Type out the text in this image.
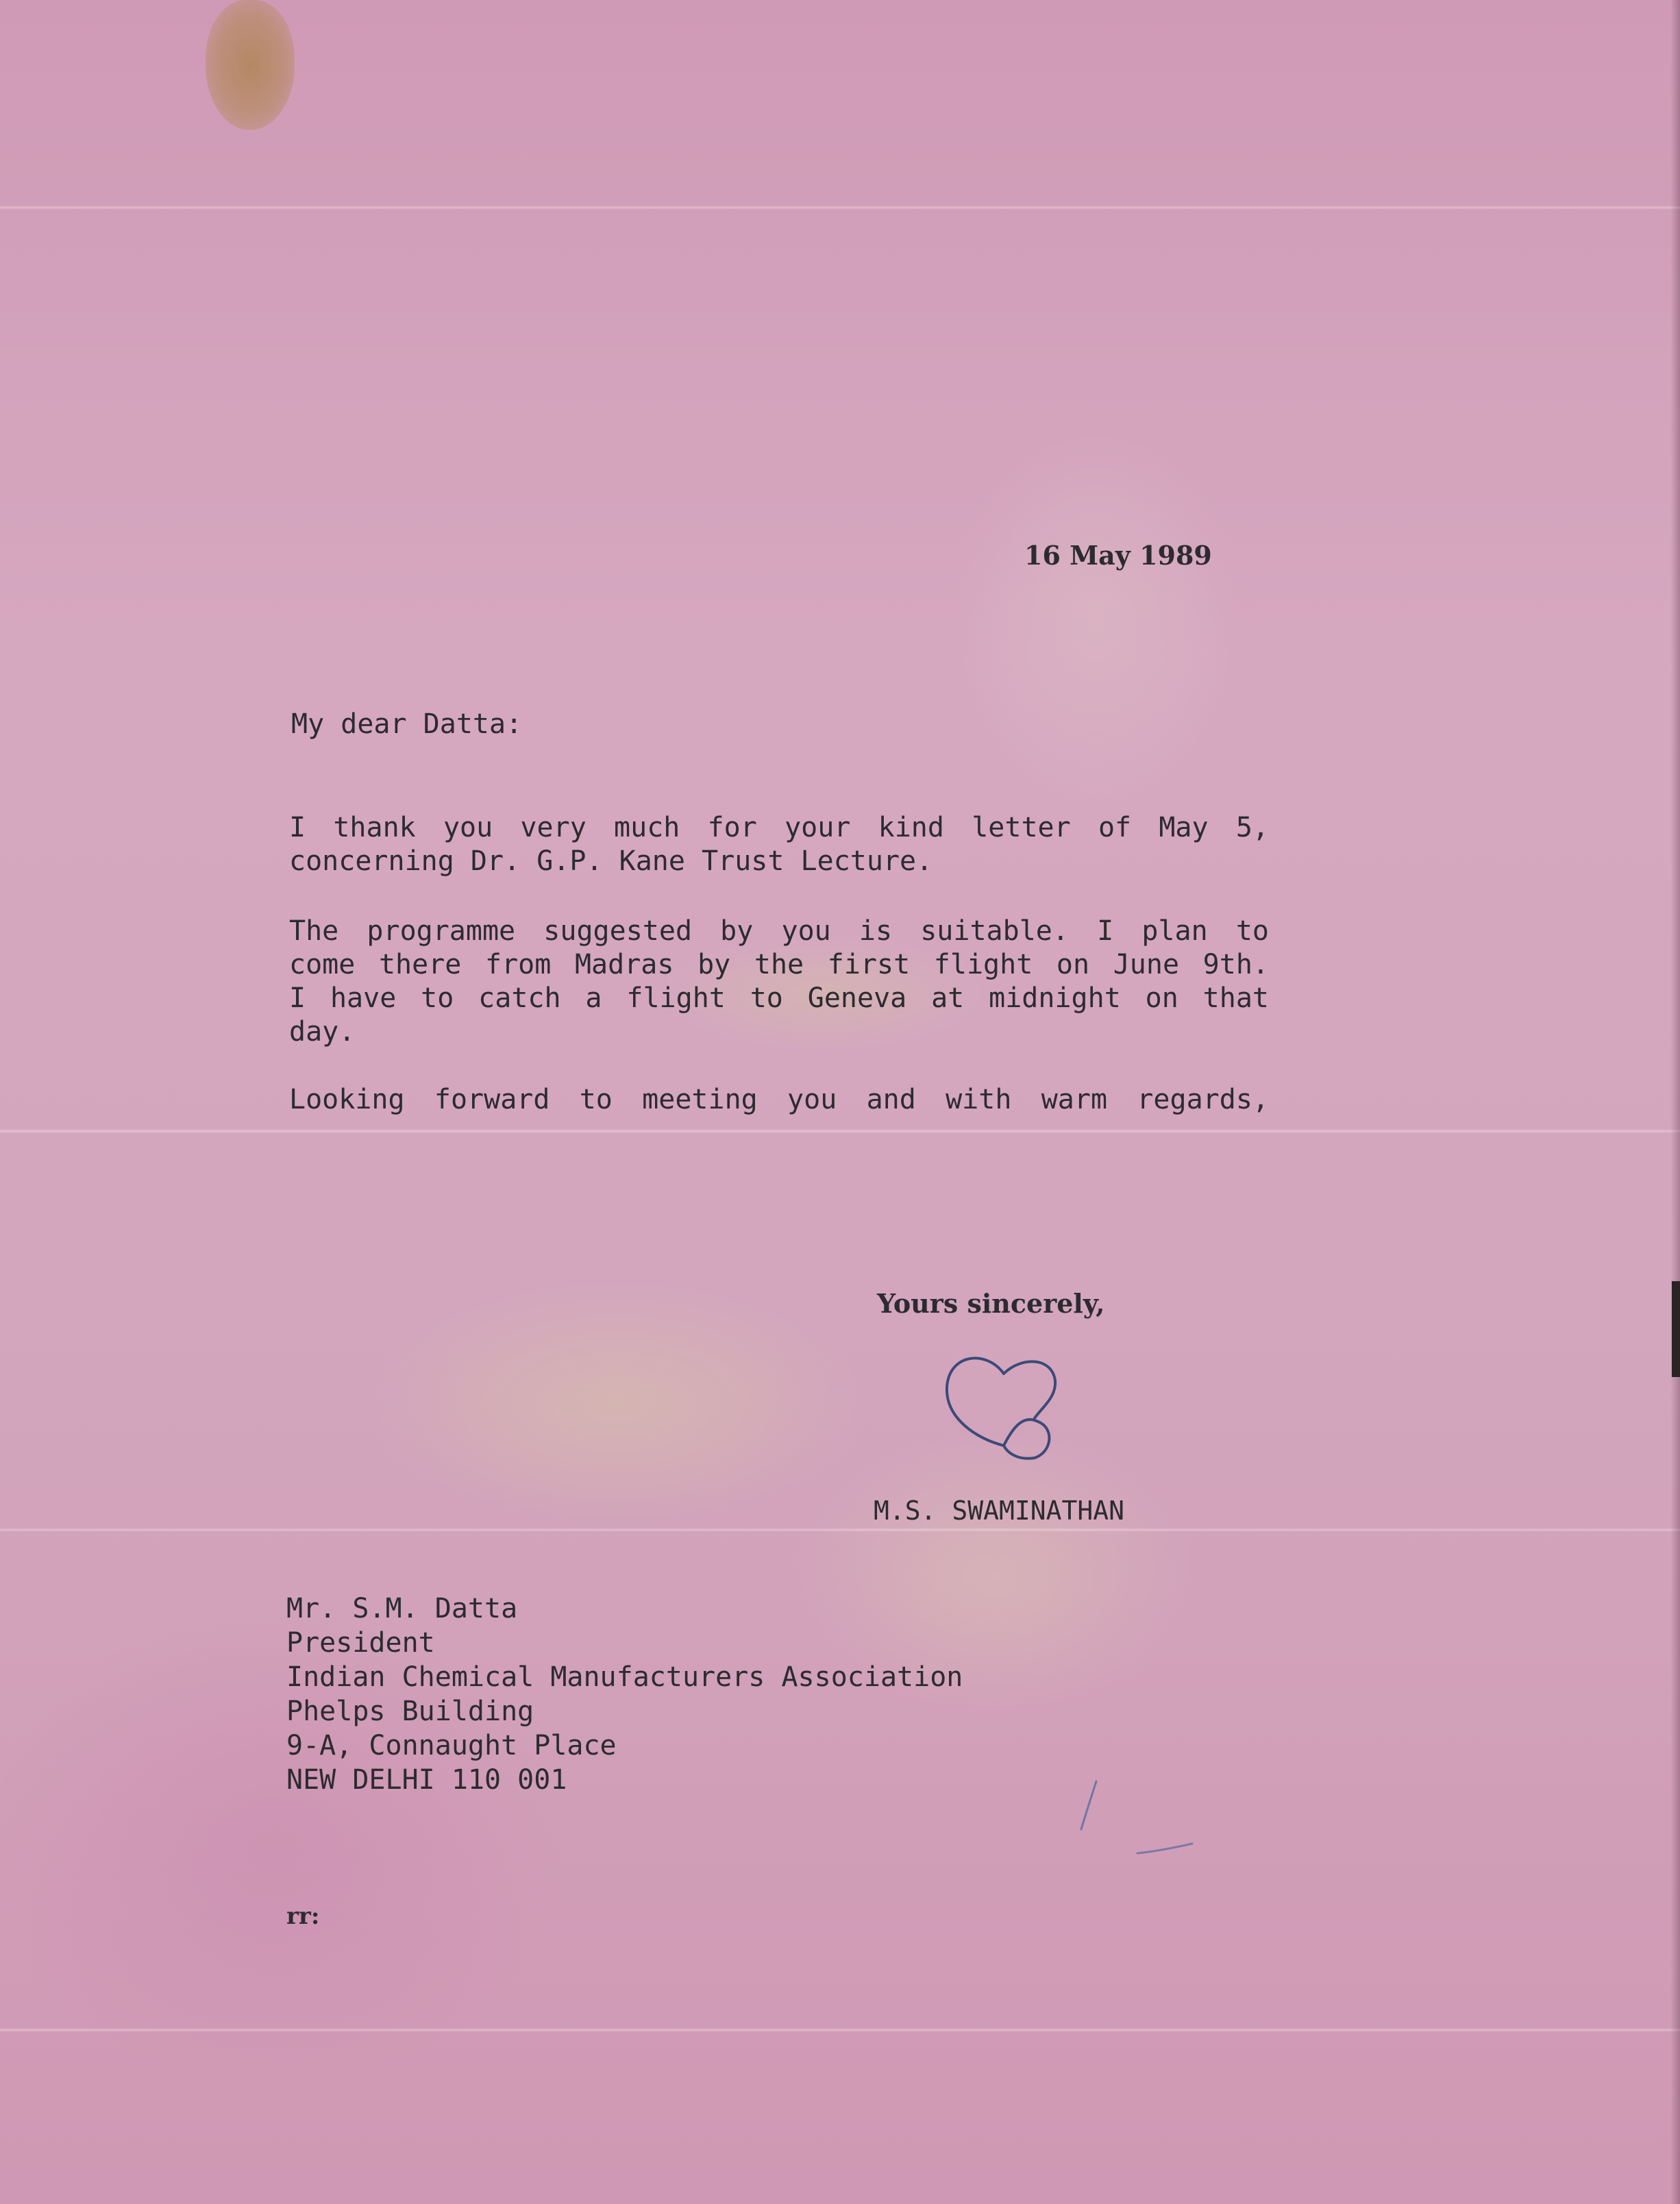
16 May 1989

My dear Datta:

I thank you very much for your kind letter of May 5,

concerning Dr. G.P. Kane Trust Lecture.

The programme suggested by you is suitable. I plan to

come there from Madras by the first flight on June 9th.

I have to catch a flight to Geneva at midnight on that

day.

Looking forward to meeting you and with warm regards,

Yours sincerely,

M.S. SWAMINATHAN

Mr. S.M. Datta

President

Indian Chemical Manufacturers Association

Phelps Building

9-A, Connaught Place

NEW DELHI 110 001

rr:
